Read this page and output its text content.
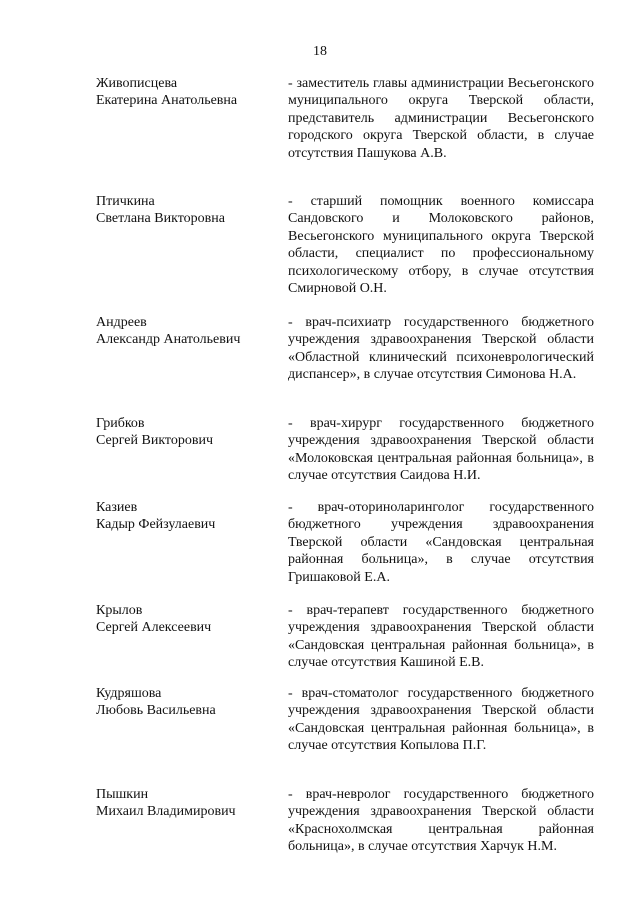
18
Живописцева
Екатерина Анатольевна
- заместитель главы администрации Весьегонского муниципального округа Тверской области, представитель администрации Весьегонского городского округа Тверской области, в случае отсутствия Пашукова А.В.
Птичкина
Светлана Викторовна
- старший помощник военного комиссара Сандовского и Молоковского районов, Весьегонского муниципального округа Тверской области, специалист по профессиональному психологическому отбору, в случае отсутствия Смирновой О.Н.
Андреев
Александр Анатольевич
- врач-психиатр государственного бюджетного учреждения здравоохранения Тверской области «Областной клинический психоневрологический диспансер», в случае отсутствия Симонова Н.А.
Грибков
Сергей Викторович
- врач-хирург государственного бюджетного учреждения здравоохранения Тверской области «Молоковская центральная районная больница», в случае отсутствия Саидова Н.И.
Казиев
Кадыр Фейзулаевич
- врач-оториноларинголог государственного бюджетного учреждения здравоохранения Тверской области «Сандовская центральная районная больница», в случае отсутствия Гришаковой Е.А.
Крылов
Сергей Алексеевич
- врач-терапевт государственного бюджетного учреждения здравоохранения Тверской области «Сандовская центральная районная больница», в случае отсутствия Кашиной Е.В.
Кудряшова
Любовь Васильевна
- врач-стоматолог государственного бюджетного учреждения здравоохранения Тверской области «Сандовская центральная районная больница», в случае отсутствия Копылова П.Г.
Пышкин
Михаил Владимирович
- врач-невролог государственного бюджетного учреждения здравоохранения Тверской области «Краснохолмская центральная районная больница», в случае отсутствия Харчук Н.М.
